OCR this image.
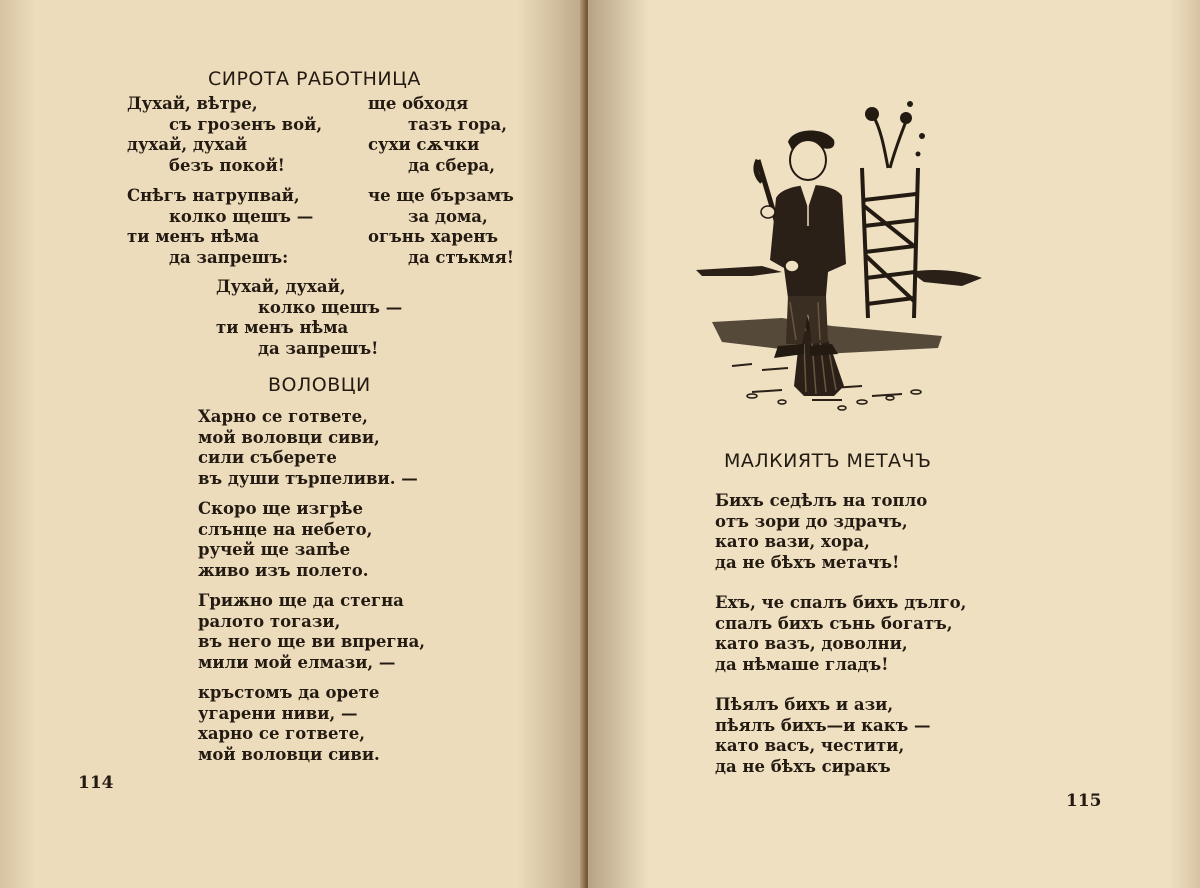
СИРОТА РАБОТНИЦА
Духай, вѣтре,
съ грозенъ вой,
духай, духай
безъ покой!
Снѣгъ натрупвай,
колко щешъ —
ти менъ нѣма
да запрешъ:
ще обходя
тазъ гора,
сухи сѫчки
да сбера,
че ще бързамъ
за дома,
огънь харенъ
да стъкмя!
Духай, духай,
колко щешъ —
ти менъ нѣма
да запрешъ!
ВОЛОВЦИ
Харно се гответе,
мой воловци сиви,
сили съберете
въ души търпеливи. —
Скоро ще изгрѣе
слънце на небето,
ручей ще запѣе
живо изъ полето.
Грижно ще да стегна
ралото тогази,
въ него ще ви впрегна,
мили мой елмази, —
кръстомъ да орете
угарени ниви, —
харно се гответе,
мой воловци сиви.
114
МАЛКИЯТЪ МЕТАЧЪ
Бихъ седѣлъ на топло
отъ зори до здрачъ,
като вази, хора,
да не бѣхъ метачъ!
Ехъ, че спалъ бихъ дълго,
спалъ бихъ сънь богатъ,
като вазъ, доволни,
да нѣмаше гладъ!
Пѣялъ бихъ и ази,
пѣялъ бихъ—и какъ —
като васъ, честити,
да не бѣхъ сиракъ
115
